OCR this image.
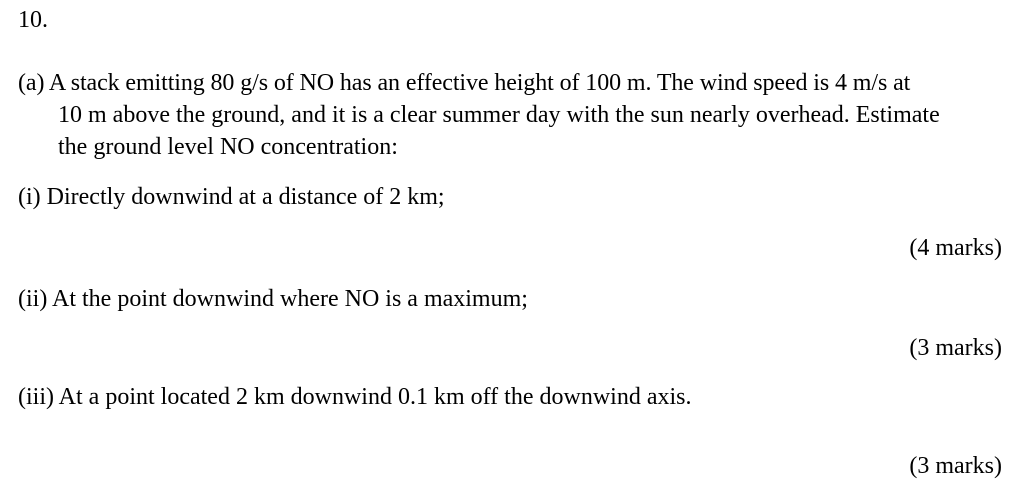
10.
(a) A stack emitting 80 g/s of NO has an effective height of 100 m. The wind speed is 4 m/s at
10 m above the ground, and it is a clear summer day with the sun nearly overhead. Estimate
the ground level NO concentration:
(i) Directly downwind at a distance of 2 km;
(4 marks)
(ii) At the point downwind where NO is a maximum;
(3 marks)
(iii) At a point located 2 km downwind 0.1 km off the downwind axis.
(3 marks)
